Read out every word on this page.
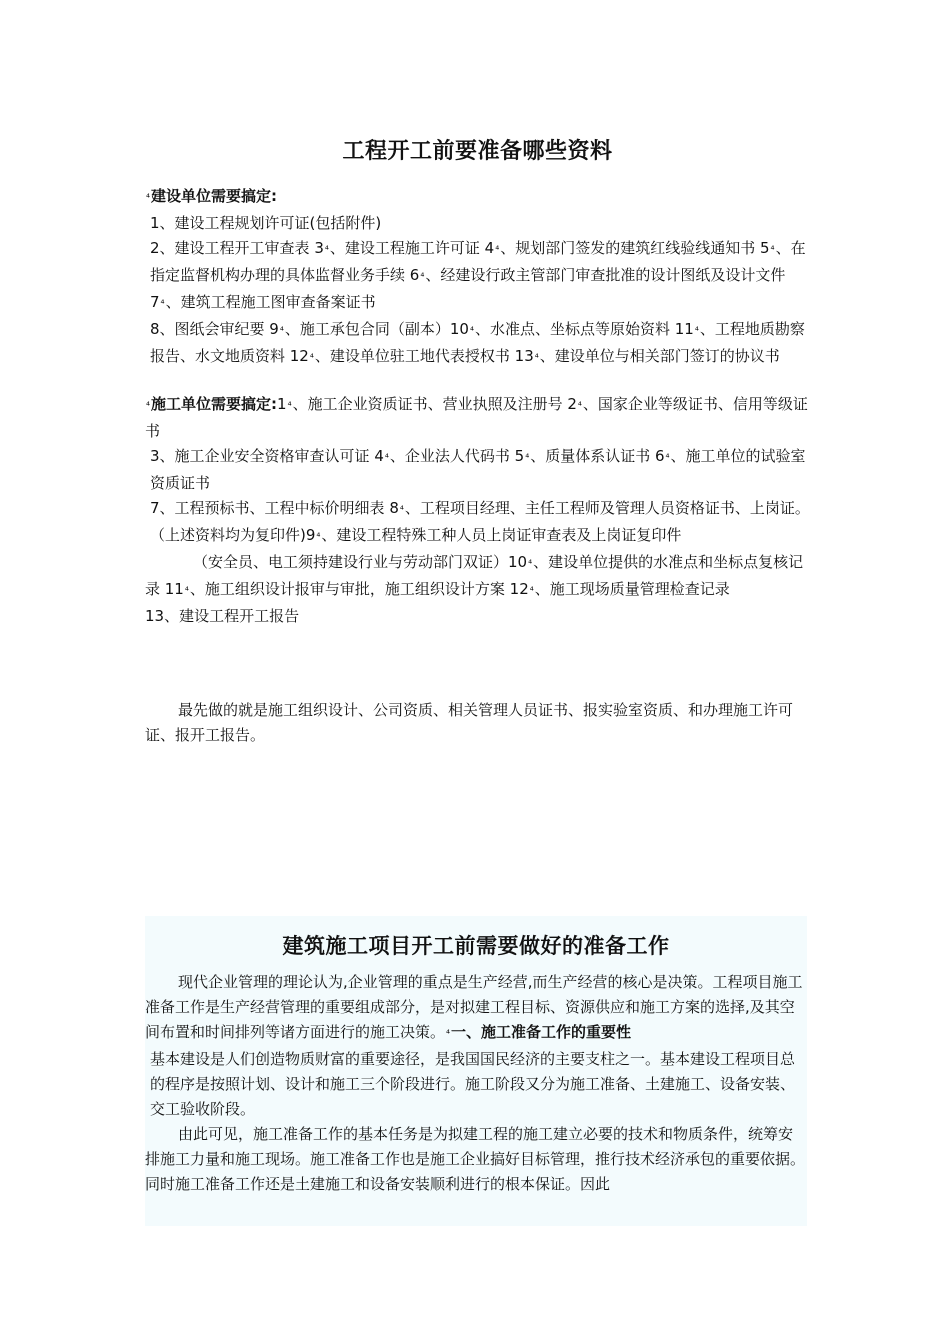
工程开工前要准备哪些资料

⁴建设单位需要搞定:

1、建设工程规划许可证(包括附件)

2、建设工程开工审查表 3⁴、建设工程施工许可证 4⁴、规划部门签发的建筑红线验线通知书 5⁴、在指定监督机构办理的具体监督业务手续 6⁴、经建设行政主管部门审查批准的设计图纸及设计文件 7⁴、建筑工程施工图审查备案证书

8、图纸会审纪要 9⁴、施工承包合同（副本）10⁴、水准点、坐标点等原始资料 11⁴、工程地质勘察报告、水文地质资料 12⁴、建设单位驻工地代表授权书 13⁴、建设单位与相关部门签订的协议书

⁴施工单位需要搞定:1⁴、施工企业资质证书、营业执照及注册号 2⁴、国家企业等级证书、信用等级证书

3、施工企业安全资格审查认可证 4⁴、企业法人代码书 5⁴、质量体系认证书 6⁴、施工单位的试验室资质证书

7、工程预标书、工程中标价明细表 8⁴、工程项目经理、主任工程师及管理人员资格证书、上岗证。（上述资料均为复印件)9⁴、建设工程特殊工种人员上岗证审查表及上岗证复印件

（安全员、电工须持建设行业与劳动部门双证）10⁴、建设单位提供的水准点和坐标点复核记录 11⁴、施工组织设计报审与审批，施工组织设计方案 12⁴、施工现场质量管理检查记录

13、建设工程开工报告

最先做的就是施工组织设计、公司资质、相关管理人员证书、报实验室资质、和办理施工许可证、报开工报告。

建筑施工项目开工前需要做好的准备工作

现代企业管理的理论认为,企业管理的重点是生产经营,而生产经营的核心是决策。工程项目施工准备工作是生产经营管理的重要组成部分，是对拟建工程目标、资源供应和施工方案的选择,及其空间布置和时间排列等诸方面进行的施工决策。⁴一、施工准备工作的重要性

基本建设是人们创造物质财富的重要途径，是我国国民经济的主要支柱之一。基本建设工程项目总的程序是按照计划、设计和施工三个阶段进行。施工阶段又分为施工准备、土建施工、设备安装、交工验收阶段。

由此可见，施工准备工作的基本任务是为拟建工程的施工建立必要的技术和物质条件，统筹安排施工力量和施工现场。施工准备工作也是施工企业搞好目标管理，推行技术经济承包的重要依据。同时施工准备工作还是土建施工和设备安装顺利进行的根本保证。因此
